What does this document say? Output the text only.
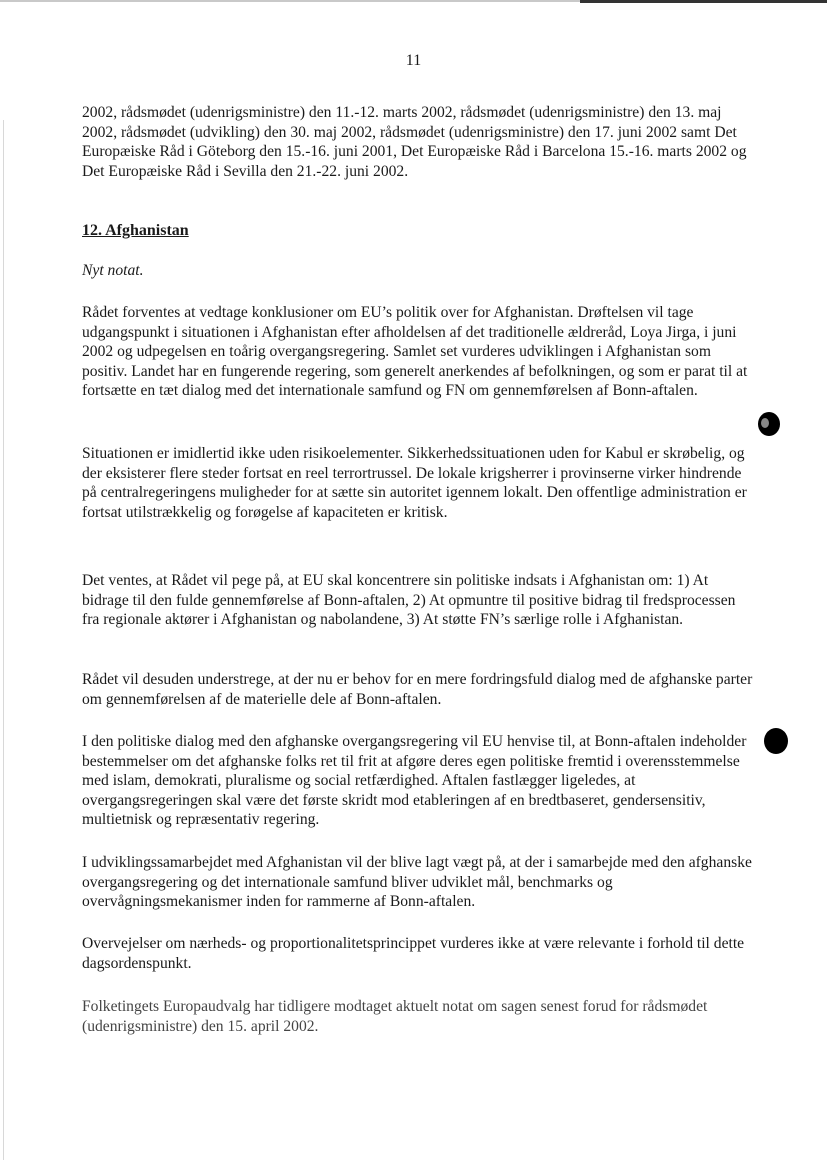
11

2002, rådsmødet (udenrigsministre) den 11.-12. marts 2002, rådsmødet (udenrigsministre) den 13. maj 2002, rådsmødet (udvikling) den 30. maj 2002, rådsmødet (udenrigsministre) den 17. juni 2002 samt Det Europæiske Råd i Göteborg den 15.-16. juni 2001, Det Europæiske Råd i Barcelona 15.-16. marts 2002 og Det Europæiske Råd i Sevilla den 21.-22. juni 2002.

12. Afghanistan

Nyt notat.

Rådet forventes at vedtage konklusioner om EU’s politik over for Afghanistan. Drøftelsen vil tage udgangspunkt i situationen i Afghanistan efter afholdelsen af det traditionelle ældreråd, Loya Jirga, i juni 2002 og udpegelsen en toårig overgangsregering. Samlet set vurderes udviklingen i Afghanistan som positiv. Landet har en fungerende regering, som generelt anerkendes af befolkningen, og som er parat til at fortsætte en tæt dialog med det internationale samfund og FN om gennemførelsen af Bonn-aftalen.

Situationen er imidlertid ikke uden risikoelementer. Sikkerhedssituationen uden for Kabul er skrøbelig, og der eksisterer flere steder fortsat en reel terrortrussel. De lokale krigsherrer i provinserne virker hindrende på centralregeringens muligheder for at sætte sin autoritet igennem lokalt. Den offentlige administration er fortsat utilstrækkelig og forøgelse af kapaciteten er kritisk.

Det ventes, at Rådet vil pege på, at EU skal koncentrere sin politiske indsats i Afghanistan om: 1) At bidrage til den fulde gennemførelse af Bonn-aftalen, 2) At opmuntre til positive bidrag til fredsprocessen fra regionale aktører i Afghanistan og nabolandene, 3) At støtte FN’s særlige rolle i Afghanistan.

Rådet vil desuden understrege, at der nu er behov for en mere fordringsfuld dialog med de afghanske parter om gennemførelsen af de materielle dele af Bonn-aftalen.

I den politiske dialog med den afghanske overgangsregering vil EU henvise til, at Bonn-aftalen indeholder bestemmelser om det afghanske folks ret til frit at afgøre deres egen politiske fremtid i overensstemmelse med islam, demokrati, pluralisme og social retfærdighed. Aftalen fastlægger ligeledes, at overgangsregeringen skal være det første skridt mod etableringen af en bredtbaseret, gendersensitiv, multietnisk og repræsentativ regering.

I udviklingssamarbejdet med Afghanistan vil der blive lagt vægt på, at der i samarbejde med den afghanske overgangsregering og det internationale samfund bliver udviklet mål, benchmarks og overvågningsmekanismer inden for rammerne af Bonn-aftalen.

Overvejelser om nærheds- og proportionalitetsprincippet vurderes ikke at være relevante i forhold til dette dagsordenspunkt.

Folketingets Europaudvalg har tidligere modtaget aktuelt notat om sagen senest forud for rådsmødet (udenrigsministre) den 15. april 2002.
